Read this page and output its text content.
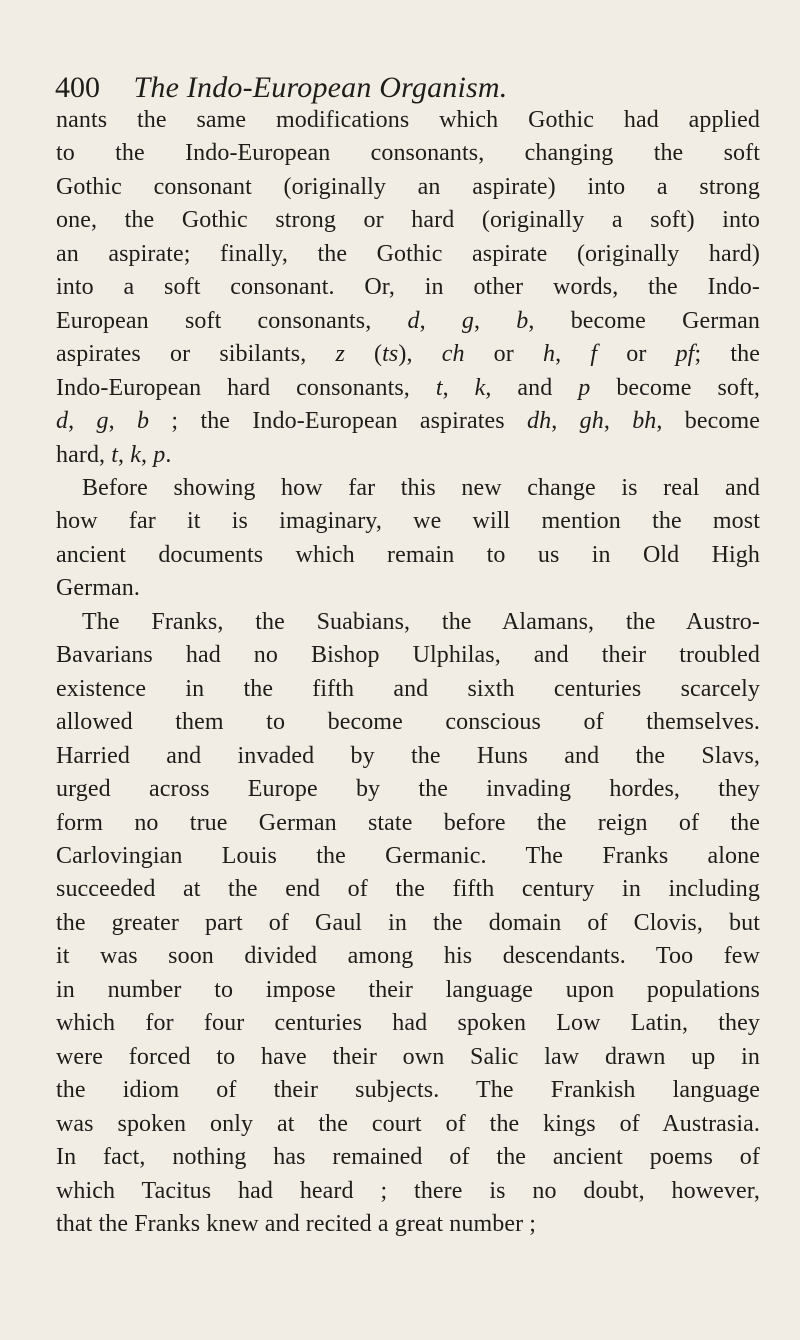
400 The Indo-European Organism.
nants the same modifications which Gothic had applied
to the Indo-European consonants, changing the soft
Gothic consonant (originally an aspirate) into a strong
one, the Gothic strong or hard (originally a soft) into
an aspirate; finally, the Gothic aspirate (originally hard)
into a soft consonant. Or, in other words, the Indo-
European soft consonants, d, g, b, become German
aspirates or sibilants, z (ts), ch or h, f or pf; the
Indo-European hard consonants, t, k, and p become soft,
d, g, b ; the Indo-European aspirates dh, gh, bh, become
hard, t, k, p.
Before showing how far this new change is real and
how far it is imaginary, we will mention the most
ancient documents which remain to us in Old High
German.
The Franks, the Suabians, the Alamans, the Austro-
Bavarians had no Bishop Ulphilas, and their troubled
existence in the fifth and sixth centuries scarcely
allowed them to become conscious of themselves.
Harried and invaded by the Huns and the Slavs,
urged across Europe by the invading hordes, they
form no true German state before the reign of the
Carlovingian Louis the Germanic. The Franks alone
succeeded at the end of the fifth century in including
the greater part of Gaul in the domain of Clovis, but
it was soon divided among his descendants. Too few
in number to impose their language upon populations
which for four centuries had spoken Low Latin, they
were forced to have their own Salic law drawn up in
the idiom of their subjects. The Frankish language
was spoken only at the court of the kings of Austrasia.
In fact, nothing has remained of the ancient poems of
which Tacitus had heard ; there is no doubt, however,
that the Franks knew and recited a great number ;
